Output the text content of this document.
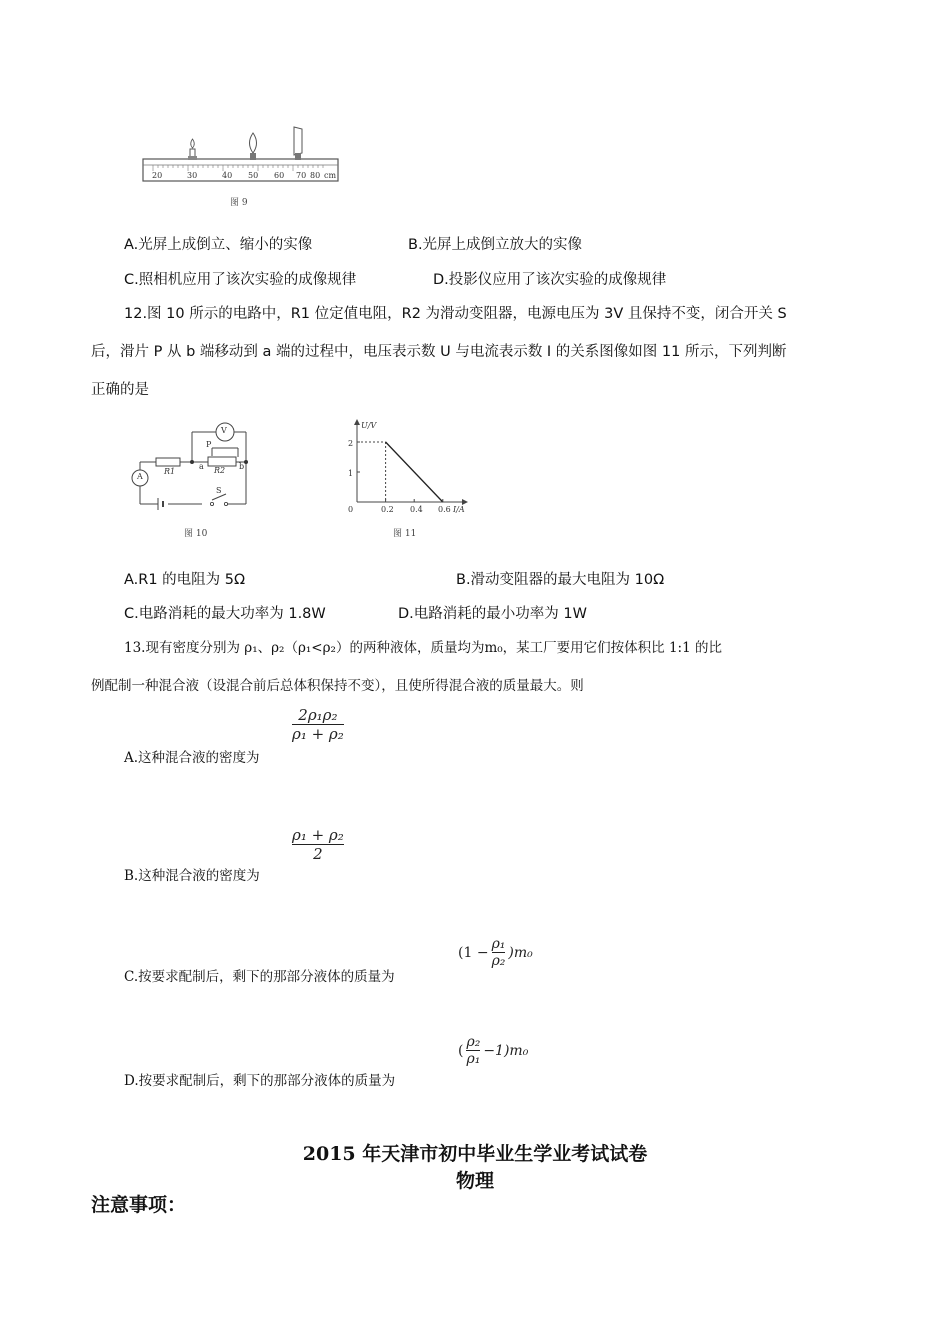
20	30	40 50 60 70 80 cm
图 9
A.光屏上成倒立、缩小的实像	B.光屏上成倒立放大的实像
C.照相机应用了该次实验的成像规律	D.投影仪应用了该次实验的成像规律
12.图 10 所示的电路中，R1 位定值电阻，R2 为滑动变阻器，电源电压为 3V 且保持不变，闭合开关 S
后，滑片 P 从 b 端移动到 a 端的过程中，电压表示数 U 与电流表示数 I 的关系图像如图 11 所示，下列判断
正确的是
V
A
R1	R2
P
a	b
S
图 10
U/V
I/A
0
2
1
0.2 0.4 0.6
图 11
A.R1 的电阻为 5Ω	B.滑动变阻器的最大电阻为 10Ω
C.电路消耗的最大功率为 1.8W	D.电路消耗的最小功率为 1W
13.现有密度分别为 ρ₁、ρ₂（ρ₁<ρ₂）的两种液体，质量均为m₀，某工厂要用它们按体积比 1:1 的比
例配制一种混合液（设混合前后总体积保持不变），且使所得混合液的质量最大。则
A.这种混合液的密度为
$\frac{\text{2ρ₁ρ₂}}{\text{ρ₁ + ρ₂}}$
B.这种混合液的密度为
$\frac{\text{ρ₁ + ρ₂}}{2}$
C.按要求配制后，剩下的那部分液体的质量为
$(1 - \frac{\text{ρ₁}}{\text{ρ₂}} )m_0$
D.按要求配制后，剩下的那部分液体的质量为
( $\frac{\text{ρ₂}}{\text{ρ₁}} -1)m_0$
2015 年天津市初中毕业生学业考试试卷
物理
注意事项：
